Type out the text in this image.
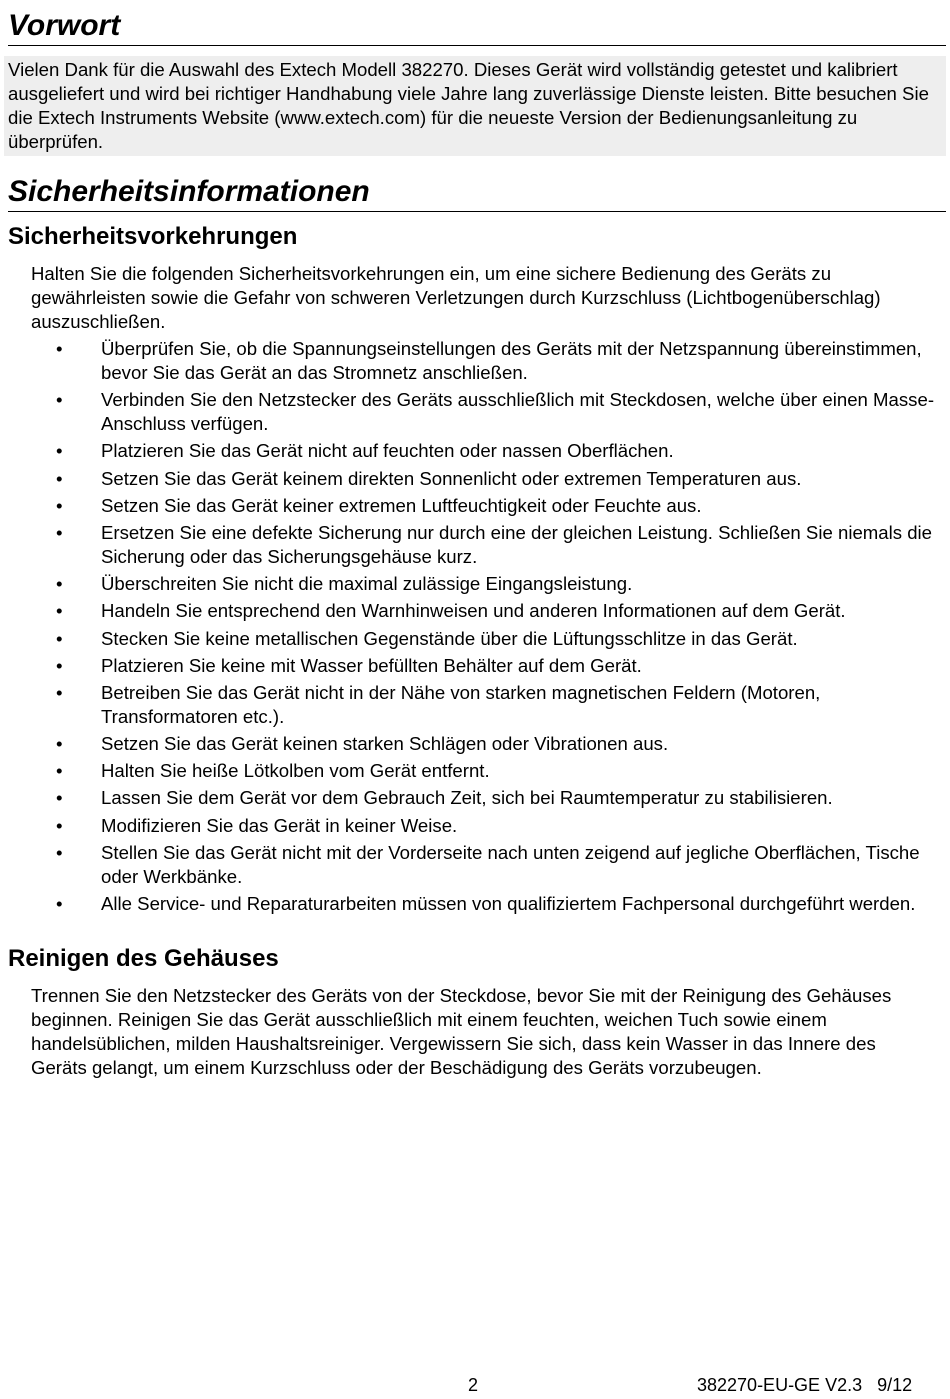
Vorwort

Vielen Dank für die Auswahl des Extech Modell 382270. Dieses Gerät wird vollständig getestet und kalibriert ausgeliefert und wird bei richtiger Handhabung viele Jahre lang zuverlässige Dienste leisten. Bitte besuchen Sie die Extech Instruments Website (www.extech.com) für die neueste Version der Bedienungsanleitung zu überprüfen.

Sicherheitsinformationen
Sicherheitsvorkehrungen

Halten Sie die folgenden Sicherheitsvorkehrungen ein, um eine sichere Bedienung des Geräts zu gewährleisten sowie die Gefahr von schweren Verletzungen durch Kurzschluss (Lichtbogenüberschlag) auszuschließen.

• Überprüfen Sie, ob die Spannungseinstellungen des Geräts mit der Netzspannung übereinstimmen, bevor Sie das Gerät an das Stromnetz anschließen.
• Verbinden Sie den Netzstecker des Geräts ausschließlich mit Steckdosen, welche über einen Masse-Anschluss verfügen.
• Platzieren Sie das Gerät nicht auf feuchten oder nassen Oberflächen.
• Setzen Sie das Gerät keinem direkten Sonnenlicht oder extremen Temperaturen aus.
• Setzen Sie das Gerät keiner extremen Luftfeuchtigkeit oder Feuchte aus.
• Ersetzen Sie eine defekte Sicherung nur durch eine der gleichen Leistung. Schließen Sie niemals die Sicherung oder das Sicherungsgehäuse kurz.
• Überschreiten Sie nicht die maximal zulässige Eingangsleistung.
• Handeln Sie entsprechend den Warnhinweisen und anderen Informationen auf dem Gerät.
• Stecken Sie keine metallischen Gegenstände über die Lüftungsschlitze in das Gerät.
• Platzieren Sie keine mit Wasser befüllten Behälter auf dem Gerät.
• Betreiben Sie das Gerät nicht in der Nähe von starken magnetischen Feldern (Motoren, Transformatoren etc.).
• Setzen Sie das Gerät keinen starken Schlägen oder Vibrationen aus.
• Halten Sie heiße Lötkolben vom Gerät entfernt.
• Lassen Sie dem Gerät vor dem Gebrauch Zeit, sich bei Raumtemperatur zu stabilisieren.
• Modifizieren Sie das Gerät in keiner Weise.
• Stellen Sie das Gerät nicht mit der Vorderseite nach unten zeigend auf jegliche Oberflächen, Tische oder Werkbänke.
• Alle Service- und Reparaturarbeiten müssen von qualifiziertem Fachpersonal durchgeführt werden.
Reinigen des Gehäuses

Trennen Sie den Netzstecker des Geräts von der Steckdose, bevor Sie mit der Reinigung des Gehäuses beginnen. Reinigen Sie das Gerät ausschließlich mit einem feuchten, weichen Tuch sowie einem handelsüblichen, milden Haushaltsreiniger. Vergewissern Sie sich, dass kein Wasser in das Innere des Geräts gelangt, um einem Kurzschluss oder der Beschädigung des Geräts vorzubeugen.

2	382270-EU-GE V2.3   9/12
